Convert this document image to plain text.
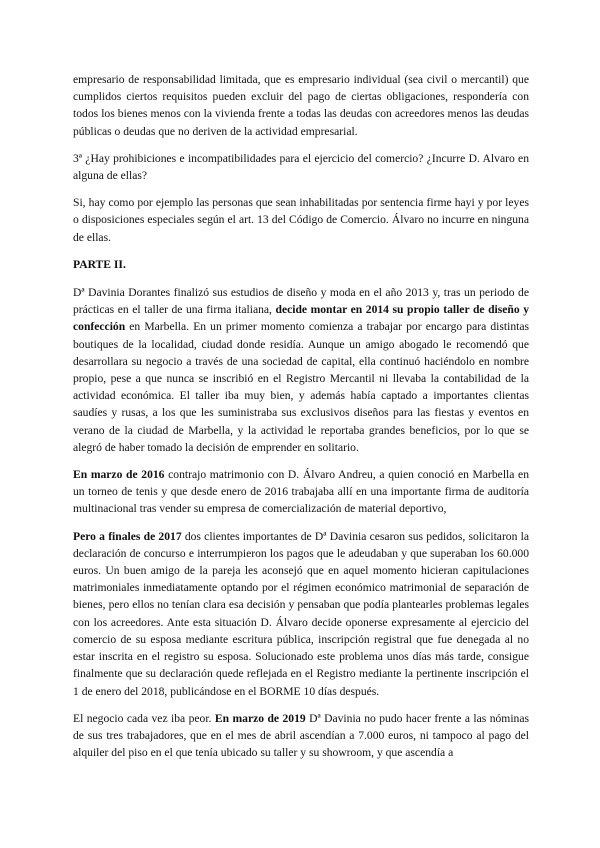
empresario de responsabilidad limitada, que es empresario individual (sea civil o mercantil) que cumplidos ciertos requisitos pueden excluir del pago de ciertas obligaciones, respondería con todos los bienes menos con la vivienda frente a todas las deudas con acreedores menos las deudas públicas o deudas que no deriven de la actividad empresarial.

3ª ¿Hay prohibiciones e incompatibilidades para el ejercicio del comercio? ¿Incurre D. Alvaro en alguna de ellas?

Si, hay como por ejemplo las personas que sean inhabilitadas por sentencia firme hayi y por leyes o disposiciones especiales según el art. 13 del Código de Comercio. Álvaro no incurre en ninguna de ellas.

PARTE II.

Dª Davinia Dorantes finalizó sus estudios de diseño y moda en el año 2013 y, tras un periodo de prácticas en el taller de una firma italiana, decide montar en 2014 su propio taller de diseño y confección en Marbella. En un primer momento comienza a trabajar por encargo para distintas boutiques de la localidad, ciudad donde residía. Aunque un amigo abogado le recomendó que desarrollara su negocio a través de una sociedad de capital, ella continuó haciéndolo en nombre propio, pese a que nunca se inscribió en el Registro Mercantil ni llevaba la contabilidad de la actividad económica. El taller iba muy bien, y además había captado a importantes clientas saudíes y rusas, a los que les suministraba sus exclusivos diseños para las fiestas y eventos en verano de la ciudad de Marbella, y la actividad le reportaba grandes beneficios, por lo que se alegró de haber tomado la decisión de emprender en solitario.

En marzo de 2016 contrajo matrimonio con D. Álvaro Andreu, a quien conoció en Marbella en un torneo de tenis y que desde enero de 2016 trabajaba allí en una importante firma de auditoría multinacional tras vender su empresa de comercialización de material deportivo,

Pero a finales de 2017 dos clientes importantes de Dª Davinia cesaron sus pedidos, solicitaron la declaración de concurso e interrumpieron los pagos que le adeudaban y que superaban los 60.000 euros. Un buen amigo de la pareja les aconsejó que en aquel momento hicieran capitulaciones matrimoniales inmediatamente optando por el régimen económico matrimonial de separación de bienes, pero ellos no tenían clara esa decisión y pensaban que podía plantearles problemas legales con los acreedores. Ante esta situación D. Álvaro decide oponerse expresamente al ejercicio del comercio de su esposa mediante escritura pública, inscripción registral que fue denegada al no estar inscrita en el registro su esposa. Solucionado este problema unos días más tarde, consigue finalmente que su declaración quede reflejada en el Registro mediante la pertinente inscripción el 1 de enero del 2018, publicándose en el BORME 10 días después.

El negocio cada vez iba peor. En marzo de 2019 Dª Davinia no pudo hacer frente a las nóminas de sus tres trabajadores, que en el mes de abril ascendían a 7.000 euros, ni tampoco al pago del alquiler del piso en el que tenía ubicado su taller y su showroom, y que ascendía a
